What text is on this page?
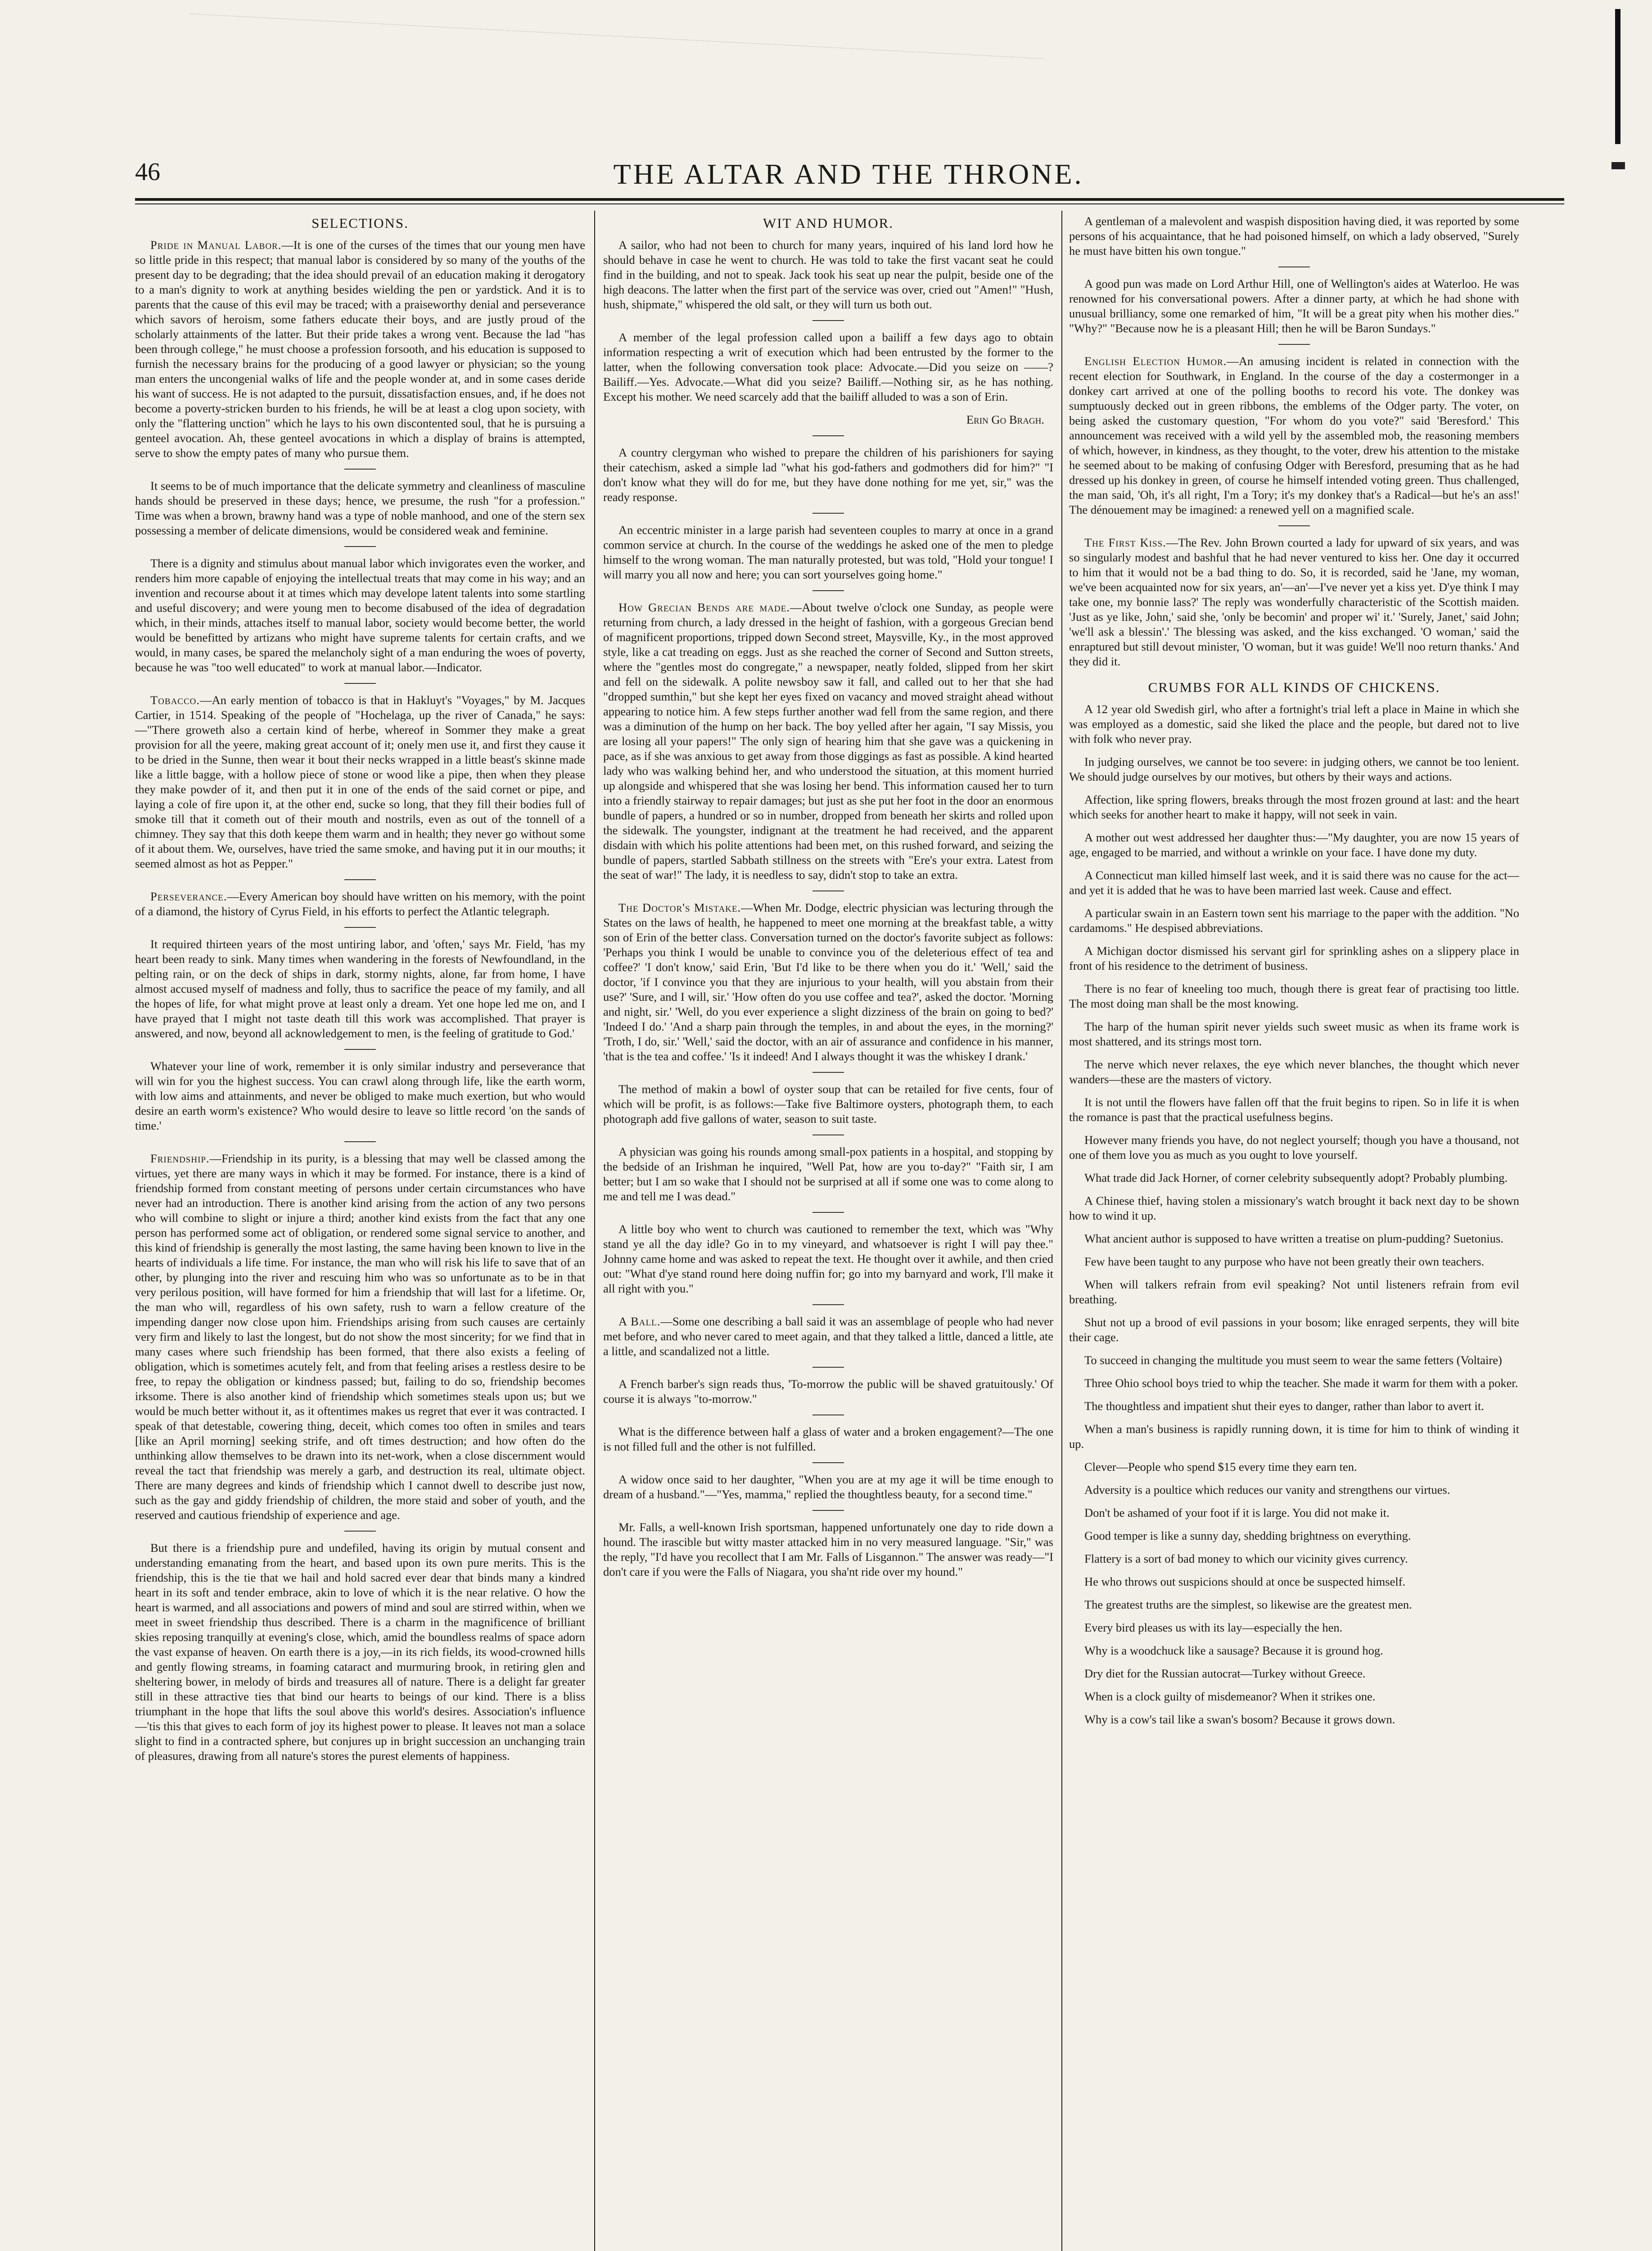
46	THE ALTAR AND THE THRONE.
SELECTIONS.

Pride in Manual Labor.—It is one of the curses of the times that our young men have so little pride in this respect; that manual labor is considered by so many of the youths of the present day to be degrading; that the idea should prevail of an education making it derogatory to a man's dignity to work at anything besides wielding the pen or yardstick. And it is to parents that the cause of this evil may be traced; with a praiseworthy denial and perseverance which savors of heroism, some fathers educate their boys, and are justly proud of the scholarly attainments of the latter. But their pride takes a wrong vent. Because the lad "has been through college," he must choose a profession forsooth, and his education is supposed to furnish the necessary brains for the producing of a good lawyer or physician; so the young man enters the uncongenial walks of life and the people wonder at, and in some cases deride his want of success. He is not adapted to the pursuit, dissatisfaction ensues, and, if he does not become a poverty-stricken burden to his friends, he will be at least a clog upon society, with only the "flattering unction" which he lays to his own discontented soul, that he is pursuing a genteel avocation. Ah, these genteel avocations in which a display of brains is attempted, serve to show the empty pates of many who pursue them.

It seems to be of much importance that the delicate symmetry and cleanliness of masculine hands should be preserved in these days; hence, we presume, the rush "for a profession." Time was when a brown, brawny hand was a type of noble manhood, and one of the stern sex possessing a member of delicate dimensions, would be considered weak and feminine.

There is a dignity and stimulus about manual labor which invigorates even the worker, and renders him more capable of enjoying the intellectual treats that may come in his way; and an invention and recourse about it at times which may develope latent talents into some startling and useful discovery; and were young men to become disabused of the idea of degradation which, in their minds, attaches itself to manual labor, society would become better, the world would be benefitted by artizans who might have supreme talents for certain crafts, and we would, in many cases, be spared the melancholy sight of a man enduring the woes of poverty, because he was "too well educated" to work at manual labor.—Indicator.

Tobacco.—An early mention of tobacco is that in Hakluyt's "Voyages," by M. Jacques Cartier, in 1514. Speaking of the people of "Hochelaga, up the river of Canada," he says:—"There groweth also a certain kind of herbe, whereof in Sommer they make a great provision for all the yeere, making great account of it; onely men use it, and first they cause it to be dried in the Sunne, then wear it bout their necks wrapped in a little beast's skinne made like a little bagge, with a hollow piece of stone or wood like a pipe, then when they please they make powder of it, and then put it in one of the ends of the said cornet or pipe, and laying a cole of fire upon it, at the other end, sucke so long, that they fill their bodies full of smoke till that it cometh out of their mouth and nostrils, even as out of the tonnell of a chimney. They say that this doth keepe them warm and in health; they never go without some of it about them. We, ourselves, have tried the same smoke, and having put it in our mouths; it seemed almost as hot as Pepper."

Perseverance.—Every American boy should have written on his memory, with the point of a diamond, the history of Cyrus Field, in his efforts to perfect the Atlantic telegraph.

It required thirteen years of the most untiring labor, and 'often,' says Mr. Field, 'has my heart been ready to sink. Many times when wandering in the forests of Newfoundland, in the pelting rain, or on the deck of ships in dark, stormy nights, alone, far from home, I have almost accused myself of madness and folly, thus to sacrifice the peace of my family, and all the hopes of life, for what might prove at least only a dream. Yet one hope led me on, and I have prayed that I might not taste death till this work was accomplished. That prayer is answered, and now, beyond all acknowledgement to men, is the feeling of gratitude to God.'

Whatever your line of work, remember it is only similar industry and perseverance that will win for you the highest success. You can crawl along through life, like the earth worm, with low aims and attainments, and never be obliged to make much exertion, but who would desire an earth worm's existence? Who would desire to leave so little record 'on the sands of time.'

Friendship.—Friendship in its purity, is a blessing that may well be classed among the virtues, yet there are many ways in which it may be formed. For instance, there is a kind of friendship formed from constant meeting of persons under certain circumstances who have never had an introduction. There is another kind arising from the action of any two persons who will combine to slight or injure a third; another kind exists from the fact that any one person has performed some act of obligation, or rendered some signal service to another, and this kind of friendship is generally the most lasting, the same having been known to live in the hearts of individuals a life time. For instance, the man who will risk his life to save that of an other, by plunging into the river and rescuing him who was so unfortunate as to be in that very perilous position, will have formed for him a friendship that will last for a lifetime. Or, the man who will, regardless of his own safety, rush to warn a fellow creature of the impending danger now close upon him. Friendships arising from such causes are certainly very firm and likely to last the longest, but do not show the most sincerity; for we find that in many cases where such friendship has been formed, that there also exists a feeling of obligation, which is sometimes acutely felt, and from that feeling arises a restless desire to be free, to repay the obligation or kindness passed; but, failing to do so, friendship becomes irksome. There is also another kind of friendship which sometimes steals upon us; but we would be much better without it, as it oftentimes makes us regret that ever it was contracted. I speak of that detestable, cowering thing, deceit, which comes too often in smiles and tears [like an April morning] seeking strife, and oft times destruction; and how often do the unthinking allow themselves to be drawn into its net-work, when a close discernment would reveal the tact that friendship was merely a garb, and destruction its real, ultimate object. There are many degrees and kinds of friendship which I cannot dwell to describe just now, such as the gay and giddy friendship of children, the more staid and sober of youth, and the reserved and cautious friendship of experience and age.

But there is a friendship pure and undefiled, having its origin by mutual consent and understanding emanating from the heart, and based upon its own pure merits. This is the friendship, this is the tie that we hail and hold sacred ever dear that binds many a kindred heart in its soft and tender embrace, akin to love of which it is the near relative. O how the heart is warmed, and all associations and powers of mind and soul are stirred within, when we meet in sweet friendship thus described. There is a charm in the magnificence of brilliant skies reposing tranquilly at evening's close, which, amid the boundless realms of space adorn the vast expanse of heaven. On earth there is a joy,—in its rich fields, its wood-crowned hills and gently flowing streams, in foaming cataract and murmuring brook, in retiring glen and sheltering bower, in melody of birds and treasures all of nature. There is a delight far greater still in these attractive ties that bind our hearts to beings of our kind. There is a bliss triumphant in the hope that lifts the soul above this world's desires. Association's influence—'tis this that gives to each form of joy its highest power to please. It leaves not man a solace slight to find in a contracted sphere, but conjures up in bright succession an unchanging train of pleasures, drawing from all nature's stores the purest elements of happiness.

WIT AND HUMOR.

A sailor, who had not been to church for many years, inquired of his land lord how he should behave in case he went to church. He was told to take the first vacant seat he could find in the building, and not to speak. Jack took his seat up near the pulpit, beside one of the high deacons. The latter when the first part of the service was over, cried out "Amen!" "Hush, hush, shipmate," whispered the old salt, or they will turn us both out.

A member of the legal profession called upon a bailiff a few days ago to obtain information respecting a writ of execution which had been entrusted by the former to the latter, when the following conversation took place: Advocate.—Did you seize on ——? Bailiff.—Yes. Advocate.—What did you seize? Bailiff.—Nothing sir, as he has nothing. Except his mother. We need scarcely add that the bailiff alluded to was a son of Erin.

Erin Go Bragh.

A country clergyman who wished to prepare the children of his parishioners for saying their catechism, asked a simple lad "what his god-fathers and godmothers did for him?" "I don't know what they will do for me, but they have done nothing for me yet, sir," was the ready response.

An eccentric minister in a large parish had seventeen couples to marry at once in a grand common service at church. In the course of the weddings he asked one of the men to pledge himself to the wrong woman. The man naturally protested, but was told, "Hold your tongue! I will marry you all now and here; you can sort yourselves going home."

How Grecian Bends are made.—About twelve o'clock one Sunday, as people were returning from church, a lady dressed in the height of fashion, with a gorgeous Grecian bend of magnificent proportions, tripped down Second street, Maysville, Ky., in the most approved style, like a cat treading on eggs. Just as she reached the corner of Second and Sutton streets, where the "gentles most do congregate," a newspaper, neatly folded, slipped from her skirt and fell on the sidewalk. A polite newsboy saw it fall, and called out to her that she had "dropped sumthin," but she kept her eyes fixed on vacancy and moved straight ahead without appearing to notice him. A few steps further another wad fell from the same region, and there was a diminution of the hump on her back. The boy yelled after her again, "I say Missis, you are losing all your papers!" The only sign of hearing him that she gave was a quickening in pace, as if she was anxious to get away from those diggings as fast as possible. A kind hearted lady who was walking behind her, and who understood the situation, at this moment hurried up alongside and whispered that she was losing her bend. This information caused her to turn into a friendly stairway to repair damages; but just as she put her foot in the door an enormous bundle of papers, a hundred or so in number, dropped from beneath her skirts and rolled upon the sidewalk. The youngster, indignant at the treatment he had received, and the apparent disdain with which his polite attentions had been met, on this rushed forward, and seizing the bundle of papers, startled Sabbath stillness on the streets with "Ere's your extra. Latest from the seat of war!" The lady, it is needless to say, didn't stop to take an extra.

The Doctor's Mistake.—When Mr. Dodge, electric physician was lecturing through the States on the laws of health, he happened to meet one morning at the breakfast table, a witty son of Erin of the better class. Conversation turned on the doctor's favorite subject as follows: 'Perhaps you think I would be unable to convince you of the deleterious effect of tea and coffee?' 'I don't know,' said Erin, 'But I'd like to be there when you do it.' 'Well,' said the doctor, 'if I convince you that they are injurious to your health, will you abstain from their use?' 'Sure, and I will, sir.' 'How often do you use coffee and tea?', asked the doctor. 'Morning and night, sir.' 'Well, do you ever experience a slight dizziness of the brain on going to bed?' 'Indeed I do.' 'And a sharp pain through the temples, in and about the eyes, in the morning?' 'Troth, I do, sir.' 'Well,' said the doctor, with an air of assurance and confidence in his manner, 'that is the tea and coffee.' 'Is it indeed! And I always thought it was the whiskey I drank.'

The method of makin a bowl of oyster soup that can be retailed for five cents, four of which will be profit, is as follows:—Take five Baltimore oysters, photograph them, to each photograph add five gallons of water, season to suit taste.

A physician was going his rounds among small-pox patients in a hospital, and stopping by the bedside of an Irishman he inquired, "Well Pat, how are you to-day?" "Faith sir, I am better; but I am so wake that I should not be surprised at all if some one was to come along to me and tell me I was dead."

A little boy who went to church was cautioned to remember the text, which was "Why stand ye all the day idle? Go in to my vineyard, and whatsoever is right I will pay thee." Johnny came home and was asked to repeat the text. He thought over it awhile, and then cried out: "What d'ye stand round here doing nuffin for; go into my barnyard and work, I'll make it all right with you."

A Ball.—Some one describing a ball said it was an assemblage of people who had never met before, and who never cared to meet again, and that they talked a little, danced a little, ate a little, and scandalized not a little.

A French barber's sign reads thus, 'To-morrow the public will be shaved gratuitously.' Of course it is always "to-morrow."

What is the difference between half a glass of water and a broken engagement?—The one is not filled full and the other is not fulfilled.

A widow once said to her daughter, "When you are at my age it will be time enough to dream of a husband."—"Yes, mamma," replied the thoughtless beauty, for a second time."

Mr. Falls, a well-known Irish sportsman, happened unfortunately one day to ride down a hound. The irascible but witty master attacked him in no very measured language. "Sir," was the reply, "I'd have you recollect that I am Mr. Falls of Lisgannon." The answer was ready—"I don't care if you were the Falls of Niagara, you sha'nt ride over my hound."

A gentleman of a malevolent and waspish disposition having died, it was reported by some persons of his acquaintance, that he had poisoned himself, on which a lady observed, "Surely he must have bitten his own tongue."

A good pun was made on Lord Arthur Hill, one of Wellington's aides at Waterloo. He was renowned for his conversational powers. After a dinner party, at which he had shone with unusual brilliancy, some one remarked of him, "It will be a great pity when his mother dies." "Why?" "Because now he is a pleasant Hill; then he will be Baron Sundays."

English Election Humor.—An amusing incident is related in connection with the recent election for Southwark, in England. In the course of the day a costermonger in a donkey cart arrived at one of the polling booths to record his vote. The donkey was sumptuously decked out in green ribbons, the emblems of the Odger party. The voter, on being asked the customary question, "For whom do you vote?" said 'Beresford.' This announcement was received with a wild yell by the assembled mob, the reasoning members of which, however, in kindness, as they thought, to the voter, drew his attention to the mistake he seemed about to be making of confusing Odger with Beresford, presuming that as he had dressed up his donkey in green, of course he himself intended voting green. Thus challenged, the man said, 'Oh, it's all right, I'm a Tory; it's my donkey that's a Radical—but he's an ass!' The dénouement may be imagined: a renewed yell on a magnified scale.

The First Kiss.—The Rev. John Brown courted a lady for upward of six years, and was so singularly modest and bashful that he had never ventured to kiss her. One day it occurred to him that it would not be a bad thing to do. So, it is recorded, said he 'Jane, my woman, we've been acquainted now for six years, an'—an'—I've never yet a kiss yet. D'ye think I may take one, my bonnie lass?' The reply was wonderfully characteristic of the Scottish maiden. 'Just as ye like, John,' said she, 'only be becomin' and proper wi' it.' 'Surely, Janet,' said John; 'we'll ask a blessin'.' The blessing was asked, and the kiss exchanged. 'O woman,' said the enraptured but still devout minister, 'O woman, but it was guide! We'll noo return thanks.' And they did it.

CRUMBS FOR ALL KINDS OF CHICKENS.

A 12 year old Swedish girl, who after a fortnight's trial left a place in Maine in which she was employed as a domestic, said she liked the place and the people, but dared not to live with folk who never pray.

In judging ourselves, we cannot be too severe: in judging others, we cannot be too lenient. We should judge ourselves by our motives, but others by their ways and actions.

Affection, like spring flowers, breaks through the most frozen ground at last: and the heart which seeks for another heart to make it happy, will not seek in vain.

A mother out west addressed her daughter thus:—"My daughter, you are now 15 years of age, engaged to be married, and without a wrinkle on your face. I have done my duty.

A Connecticut man killed himself last week, and it is said there was no cause for the act—and yet it is added that he was to have been married last week. Cause and effect.

A particular swain in an Eastern town sent his marriage to the paper with the addition. "No cardamoms." He despised abbreviations.

A Michigan doctor dismissed his servant girl for sprinkling ashes on a slippery place in front of his residence to the detriment of business.

There is no fear of kneeling too much, though there is great fear of practising too little. The most doing man shall be the most knowing.

The harp of the human spirit never yields such sweet music as when its frame work is most shattered, and its strings most torn.

The nerve which never relaxes, the eye which never blanches, the thought which never wanders—these are the masters of victory.

It is not until the flowers have fallen off that the fruit begins to ripen. So in life it is when the romance is past that the practical usefulness begins.

However many friends you have, do not neglect yourself; though you have a thousand, not one of them love you as much as you ought to love yourself.

What trade did Jack Horner, of corner celebrity subsequently adopt? Probably plumbing.

A Chinese thief, having stolen a missionary's watch brought it back next day to be shown how to wind it up.

What ancient author is supposed to have written a treatise on plum-pudding? Suetonius.

Few have been taught to any purpose who have not been greatly their own teachers.

When will talkers refrain from evil speaking? Not until listeners refrain from evil breathing.

Shut not up a brood of evil passions in your bosom; like enraged serpents, they will bite their cage.

To succeed in changing the multitude you must seem to wear the same fetters (Voltaire)

Three Ohio school boys tried to whip the teacher. She made it warm for them with a poker.

The thoughtless and impatient shut their eyes to danger, rather than labor to avert it.

When a man's business is rapidly running down, it is time for him to think of winding it up.

Clever—People who spend $15 every time they earn ten.

Adversity is a poultice which reduces our vanity and strengthens our virtues.

Don't be ashamed of your foot if it is large. You did not make it.

Good temper is like a sunny day, shedding brightness on everything.

Flattery is a sort of bad money to which our vicinity gives currency.

He who throws out suspicions should at once be suspected himself.

The greatest truths are the simplest, so likewise are the greatest men.

Every bird pleases us with its lay—especially the hen.

Why is a woodchuck like a sausage? Because it is ground hog.

Dry diet for the Russian autocrat—Turkey without Greece.

When is a clock guilty of misdemeanor? When it strikes one.

Why is a cow's tail like a swan's bosom? Because it grows down.
